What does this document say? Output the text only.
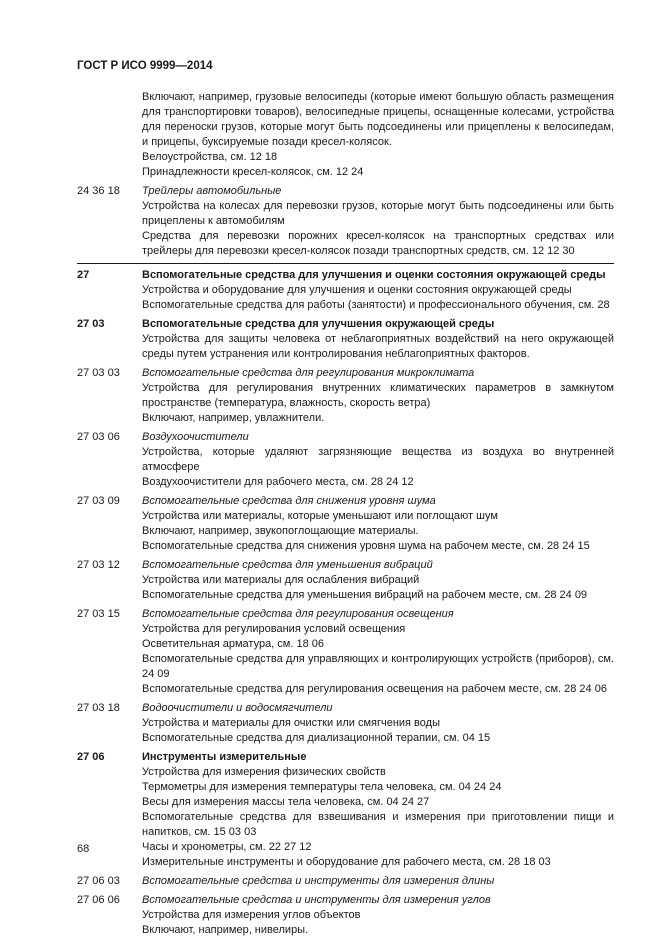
ГОСТ Р ИСО 9999—2014
Включают, например, грузовые велосипеды (которые имеют большую область размещения для транспортировки товаров), велосипедные прицепы, оснащенные колесами, устройства для переноски грузов, которые могут быть подсоединены или прицеплены к велосипедам, и прицепы, буксируемые позади кресел-колясок.
Велоустройства, см. 12 18
Принадлежности кресел-колясок, см. 12 24
24 36 18	Трейлеры автомобильные
Устройства на колесах для перевозки грузов, которые могут быть подсоединены или быть прицеплены к автомобилям
Средства для перевозки порожних кресел-колясок на транспортных средствах или трейлеры для перевозки кресел-колясок позади транспортных средств, см. 12 12 30
27	Вспомогательные средства для улучшения и оценки состояния окружающей среды
Устройства и оборудование для улучшения и оценки состояния окружающей среды
Вспомогательные средства для работы (занятости) и профессионального обучения, см. 28
27 03	Вспомогательные средства для улучшения окружающей среды
Устройства для защиты человека от неблагоприятных воздействий на него окружающей среды путем устранения или контролирования неблагоприятных факторов.
27 03 03	Вспомогательные средства для регулирования микроклимата
Устройства для регулирования внутренних климатических параметров в замкнутом пространстве (температура, влажность, скорость ветра)
Включают, например, увлажнители.
27 03 06	Воздухоочистители
Устройства, которые удаляют загрязняющие вещества из воздуха во внутренней атмосфере
Воздухоочистители для рабочего места, см. 28 24 12
27 03 09	Вспомогательные средства для снижения уровня шума
Устройства или материалы, которые уменьшают или поглощают шум
Включают, например, звукопоглощающие материалы.
Вспомогательные средства для снижения уровня шума на рабочем месте, см. 28 24 15
27 03 12	Вспомогательные средства для уменьшения вибраций
Устройства или материалы для ослабления вибраций
Вспомогательные средства для уменьшения вибраций на рабочем месте, см. 28 24 09
27 03 15	Вспомогательные средства для регулирования освещения
Устройства для регулирования условий освещения
Осветительная арматура, см. 18 06
Вспомогательные средства для управляющих и контролирующих устройств (приборов), см. 24 09
Вспомогательные средства для регулирования освещения на рабочем месте, см. 28 24 06
27 03 18	Водоочистители и водосмягчители
Устройства и материалы для очистки или смягчения воды
Вспомогательные средства для диализационной терапии, см. 04 15
27 06	Инструменты измерительные
Устройства для измерения физических свойств
Термометры для измерения температуры тела человека, см. 04 24 24
Весы для измерения массы тела человека, см. 04 24 27
Вспомогательные средства для взвешивания и измерения при приготовлении пищи и напитков, см. 15 03 03
Часы и хронометры, см. 22 27 12
Измерительные инструменты и оборудование для рабочего места, см. 28 18 03
27 06 03	Вспомогательные средства и инструменты для измерения длины
27 06 06	Вспомогательные средства и инструменты для измерения углов
Устройства для измерения углов объектов
Включают, например, нивелиры.
68
